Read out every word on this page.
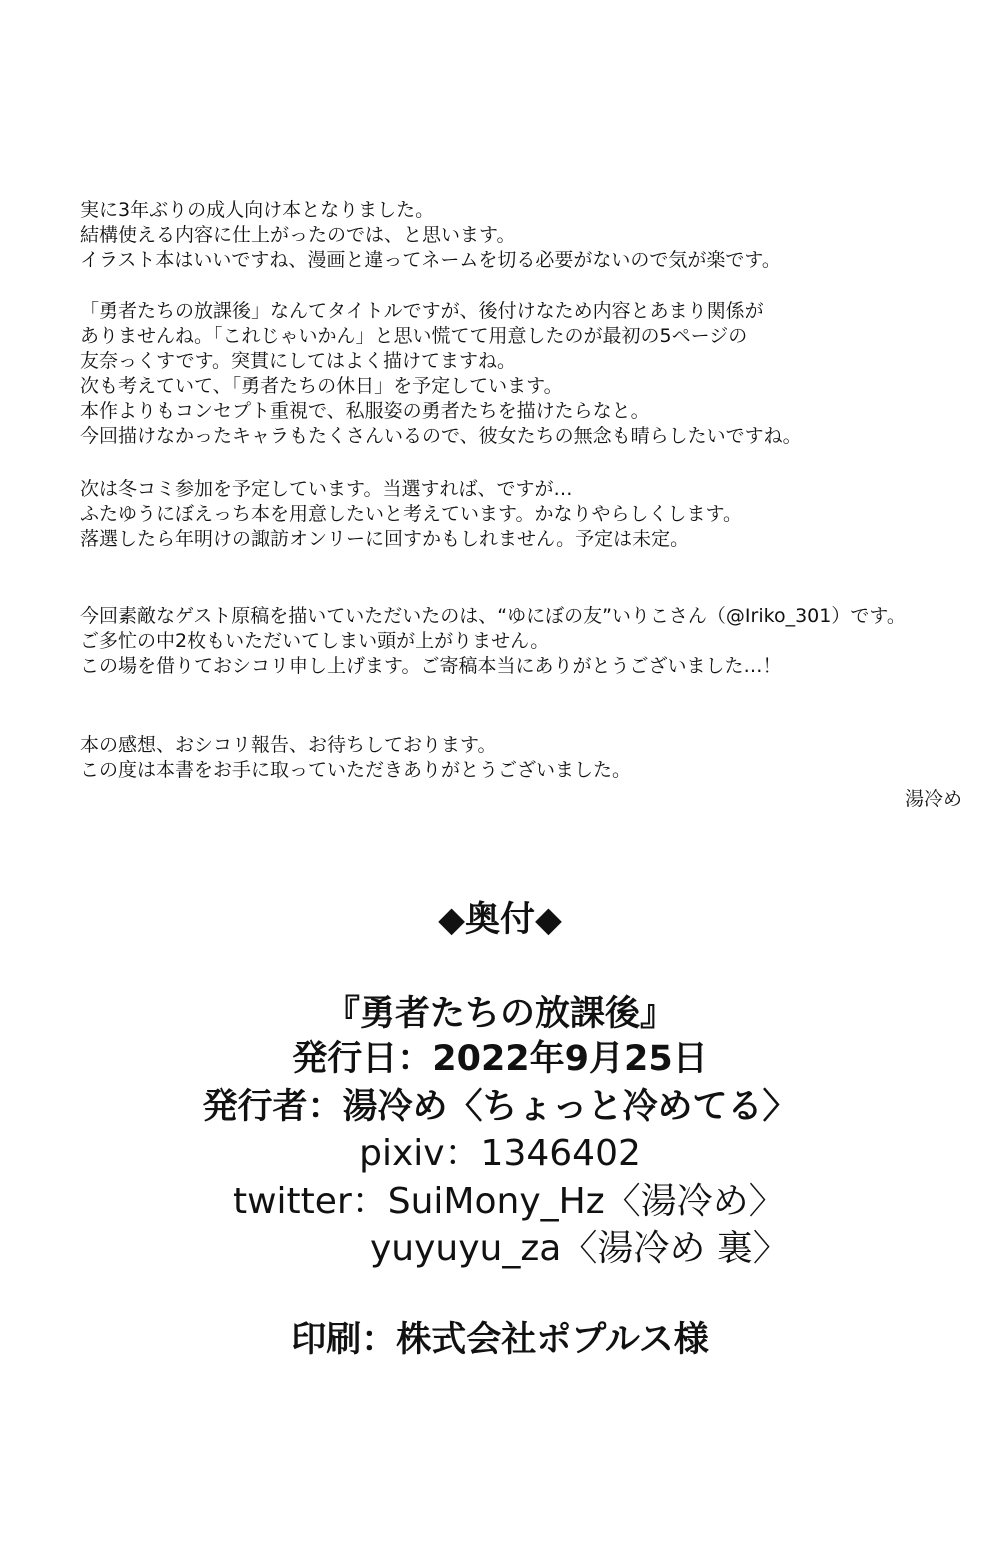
実に3年ぶりの成人向け本となりました。
結構使える内容に仕上がったのでは、と思います。
イラスト本はいいですね、漫画と違ってネームを切る必要がないので気が楽です。
「勇者たちの放課後」なんてタイトルですが、後付けなため内容とあまり関係が
ありませんね。「これじゃいかん」と思い慌てて用意したのが最初の5ページの
友奈っくすです。突貫にしてはよく描けてますね。
次も考えていて、「勇者たちの休日」を予定しています。
本作よりもコンセプト重視で、私服姿の勇者たちを描けたらなと。
今回描けなかったキャラもたくさんいるので、彼女たちの無念も晴らしたいですね。
次は冬コミ参加を予定しています。当選すれば、ですが…
ふたゆうにぼえっち本を用意したいと考えています。かなりやらしくします。
落選したら年明けの諏訪オンリーに回すかもしれません。予定は未定。
今回素敵なゲスト原稿を描いていただいたのは、“ゆにぼの友”いりこさん（@Iriko_301）です。
ご多忙の中2枚もいただいてしまい頭が上がりません。
この場を借りておシコリ申し上げます。ご寄稿本当にありがとうございました…！
本の感想、おシコリ報告、お待ちしております。
この度は本書をお手に取っていただきありがとうございました。
湯冷め
◆奥付◆
『勇者たちの放課後』
発行日：2022年9月25日
発行者：湯冷め〈ちょっと冷めてる〉
pixiv：1346402
twitter：SuiMony_Hz〈湯冷め〉
yuyuyu_za〈湯冷め 裏〉
印刷：株式会社ポプルス様
